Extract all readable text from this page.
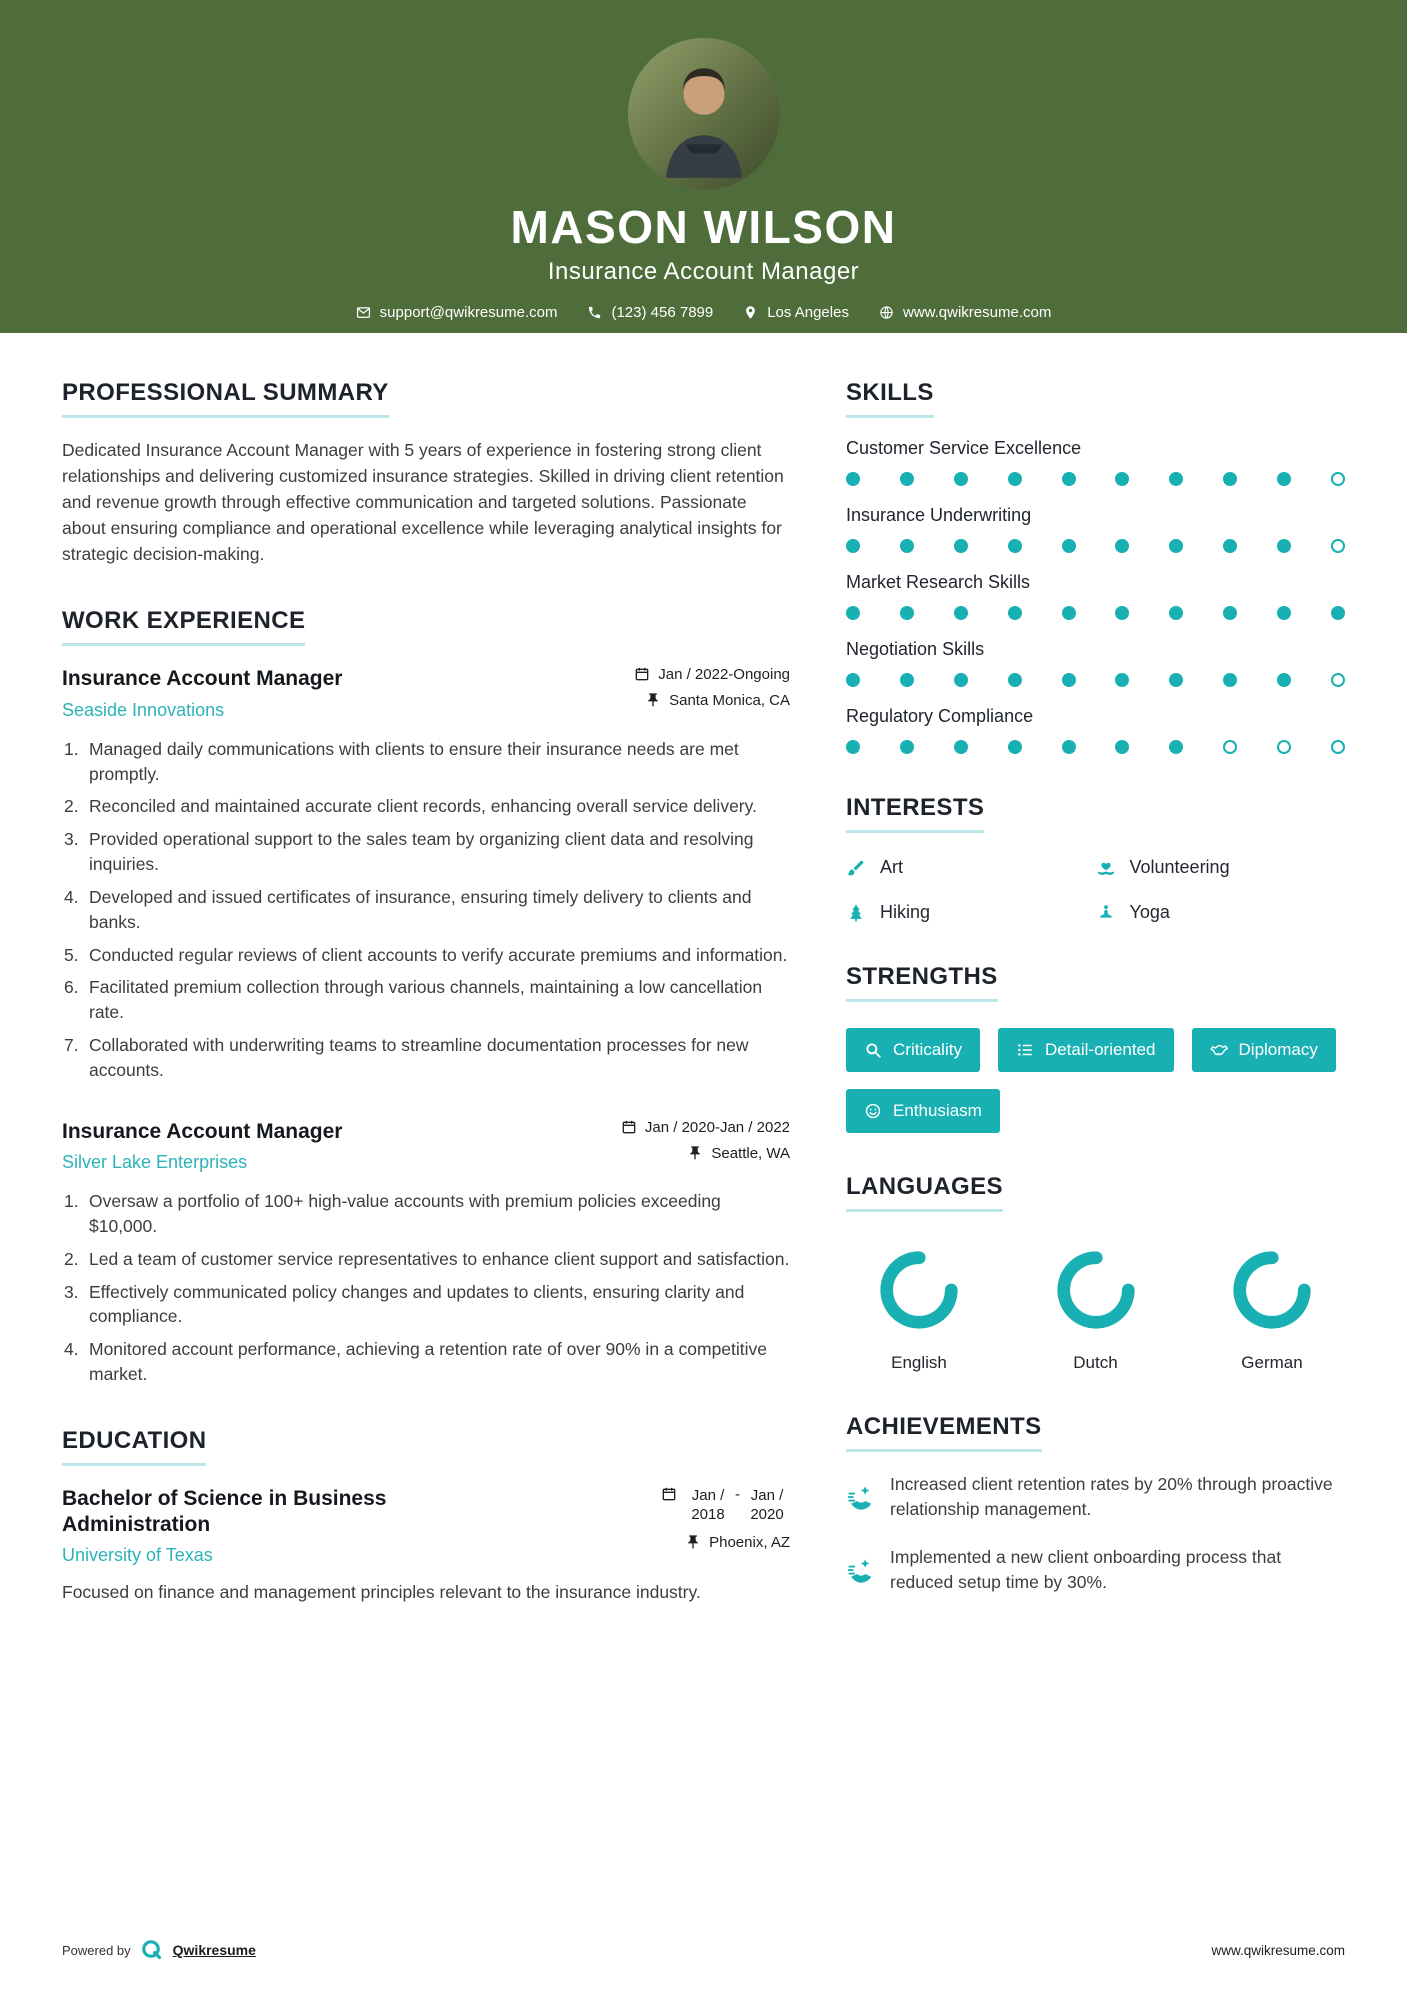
MASON WILSON
Insurance Account Manager
support@qwikresume.com	(123) 456 7899	Los Angeles	www.qwikresume.com
PROFESSIONAL SUMMARY

Dedicated Insurance Account Manager with 5 years of experience in fostering strong client relationships and delivering customized insurance strategies. Skilled in driving client retention and revenue growth through effective communication and targeted solutions. Passionate about ensuring compliance and operational excellence while leveraging analytical insights for strategic decision-making.

WORK EXPERIENCE
Insurance Account Manager
Seaside Innovations
Jan / 2022-Ongoing
Santa Monica, CA
Managed daily communications with clients to ensure their insurance needs are met promptly.
Reconciled and maintained accurate client records, enhancing overall service delivery.
Provided operational support to the sales team by organizing client data and resolving inquiries.
Developed and issued certificates of insurance, ensuring timely delivery to clients and banks.
Conducted regular reviews of client accounts to verify accurate premiums and information.
Facilitated premium collection through various channels, maintaining a low cancellation rate.
Collaborated with underwriting teams to streamline documentation processes for new accounts.
Insurance Account Manager
Silver Lake Enterprises
Jan / 2020-Jan / 2022
Seattle, WA
Oversaw a portfolio of 100+ high-value accounts with premium policies exceeding $10,000.
Led a team of customer service representatives to enhance client support and satisfaction.
Effectively communicated policy changes and updates to clients, ensuring clarity and compliance.
Monitored account performance, achieving a retention rate of over 90% in a competitive market.
EDUCATION
Bachelor of Science in Business Administration
University of Texas
Jan / 2018
- Jan / 2020
Phoenix, AZ

Focused on finance and management principles relevant to the insurance industry.

SKILLS
Customer Service Excellence
Insurance Underwriting
Market Research Skills
Negotiation Skills
Regulatory Compliance
INTERESTS
Art	Volunteering
Hiking	Yoga
STRENGTHS
Criticality	Detail-oriented	Diplomacy
Enthusiasm
LANGUAGES
English	Dutch	German
ACHIEVEMENTS

Increased client retention rates by 20% through proactive relationship management.

Implemented a new client onboarding process that reduced setup time by 30%.

Powered by	Qwikresume	www.qwikresume.com
